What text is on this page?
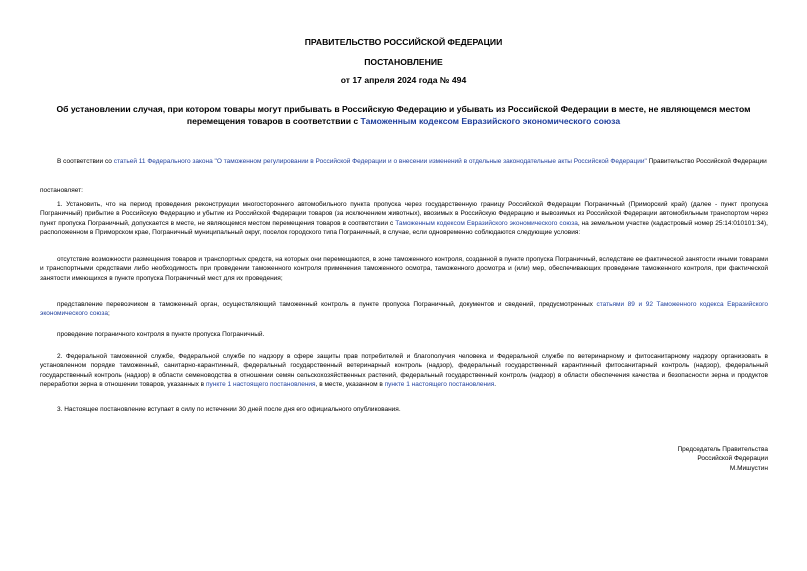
ПРАВИТЕЛЬСТВО РОССИЙСКОЙ ФЕДЕРАЦИИ
ПОСТАНОВЛЕНИЕ
от 17 апреля 2024 года № 494
Об установлении случая, при котором товары могут прибывать в Российскую Федерацию и убывать из Российской Федерации в месте, не являющемся местом перемещения товаров в соответствии с Таможенным кодексом Евразийского экономического союза
В соответствии со статьей 11 Федерального закона "О таможенном регулировании в Российской Федерации и о внесении изменений в отдельные законодательные акты Российской Федерации" Правительство Российской Федерации
постановляет:
1. Установить, что на период проведения реконструкции многостороннего автомобильного пункта пропуска через государственную границу Российской Федерации Пограничный (Приморский край) (далее - пункт пропуска Пограничный) прибытие в Российскую Федерацию и убытие из Российской Федерации товаров (за исключением животных), ввозимых в Российскую Федерацию и вывозимых из Российской Федерации автомобильным транспортом через пункт пропуска Пограничный, допускается в месте, не являющемся местом перемещения товаров в соответствии с Таможенным кодексом Евразийского экономического союза, на земельном участке (кадастровый номер 25:14:010101:34), расположенном в Приморском крае, Пограничный муниципальный округ, поселок городского типа Пограничный, в случае, если одновременно соблюдаются следующие условия:
отсутствие возможности размещения товаров и транспортных средств, на которых они перемещаются, в зоне таможенного контроля, созданной в пункте пропуска Пограничный, вследствие ее фактической занятости иными товарами и транспортными средствами либо необходимость при проведении таможенного контроля применения таможенного осмотра, таможенного досмотра и (или) мер, обеспечивающих проведение таможенного контроля, при фактической занятости имеющихся в пункте пропуска Пограничный мест для их проведения;
представление перевозчиком в таможенный орган, осуществляющий таможенный контроль в пункте пропуска Пограничный, документов и сведений, предусмотренных статьями 89 и 92 Таможенного кодекса Евразийского экономического союза;
проведение пограничного контроля в пункте пропуска Пограничный.
2. Федеральной таможенной службе, Федеральной службе по надзору в сфере защиты прав потребителей и благополучия человека и Федеральной службе по ветеринарному и фитосанитарному надзору организовать в установленном порядке таможенный, санитарно-карантинный, федеральный государственный ветеринарный контроль (надзор), федеральный государственный карантинный фитосанитарный контроль (надзор), федеральный государственный контроль (надзор) в области семеноводства в отношении семян сельскохозяйственных растений, федеральный государственный контроль (надзор) в области обеспечения качества и безопасности зерна и продуктов переработки зерна в отношении товаров, указанных в пункте 1 настоящего постановления, в месте, указанном в пункте 1 настоящего постановления.
3. Настоящее постановление вступает в силу по истечении 30 дней после дня его официального опубликования.
Председатель Правительства
Российской Федерации
М.Мишустин
